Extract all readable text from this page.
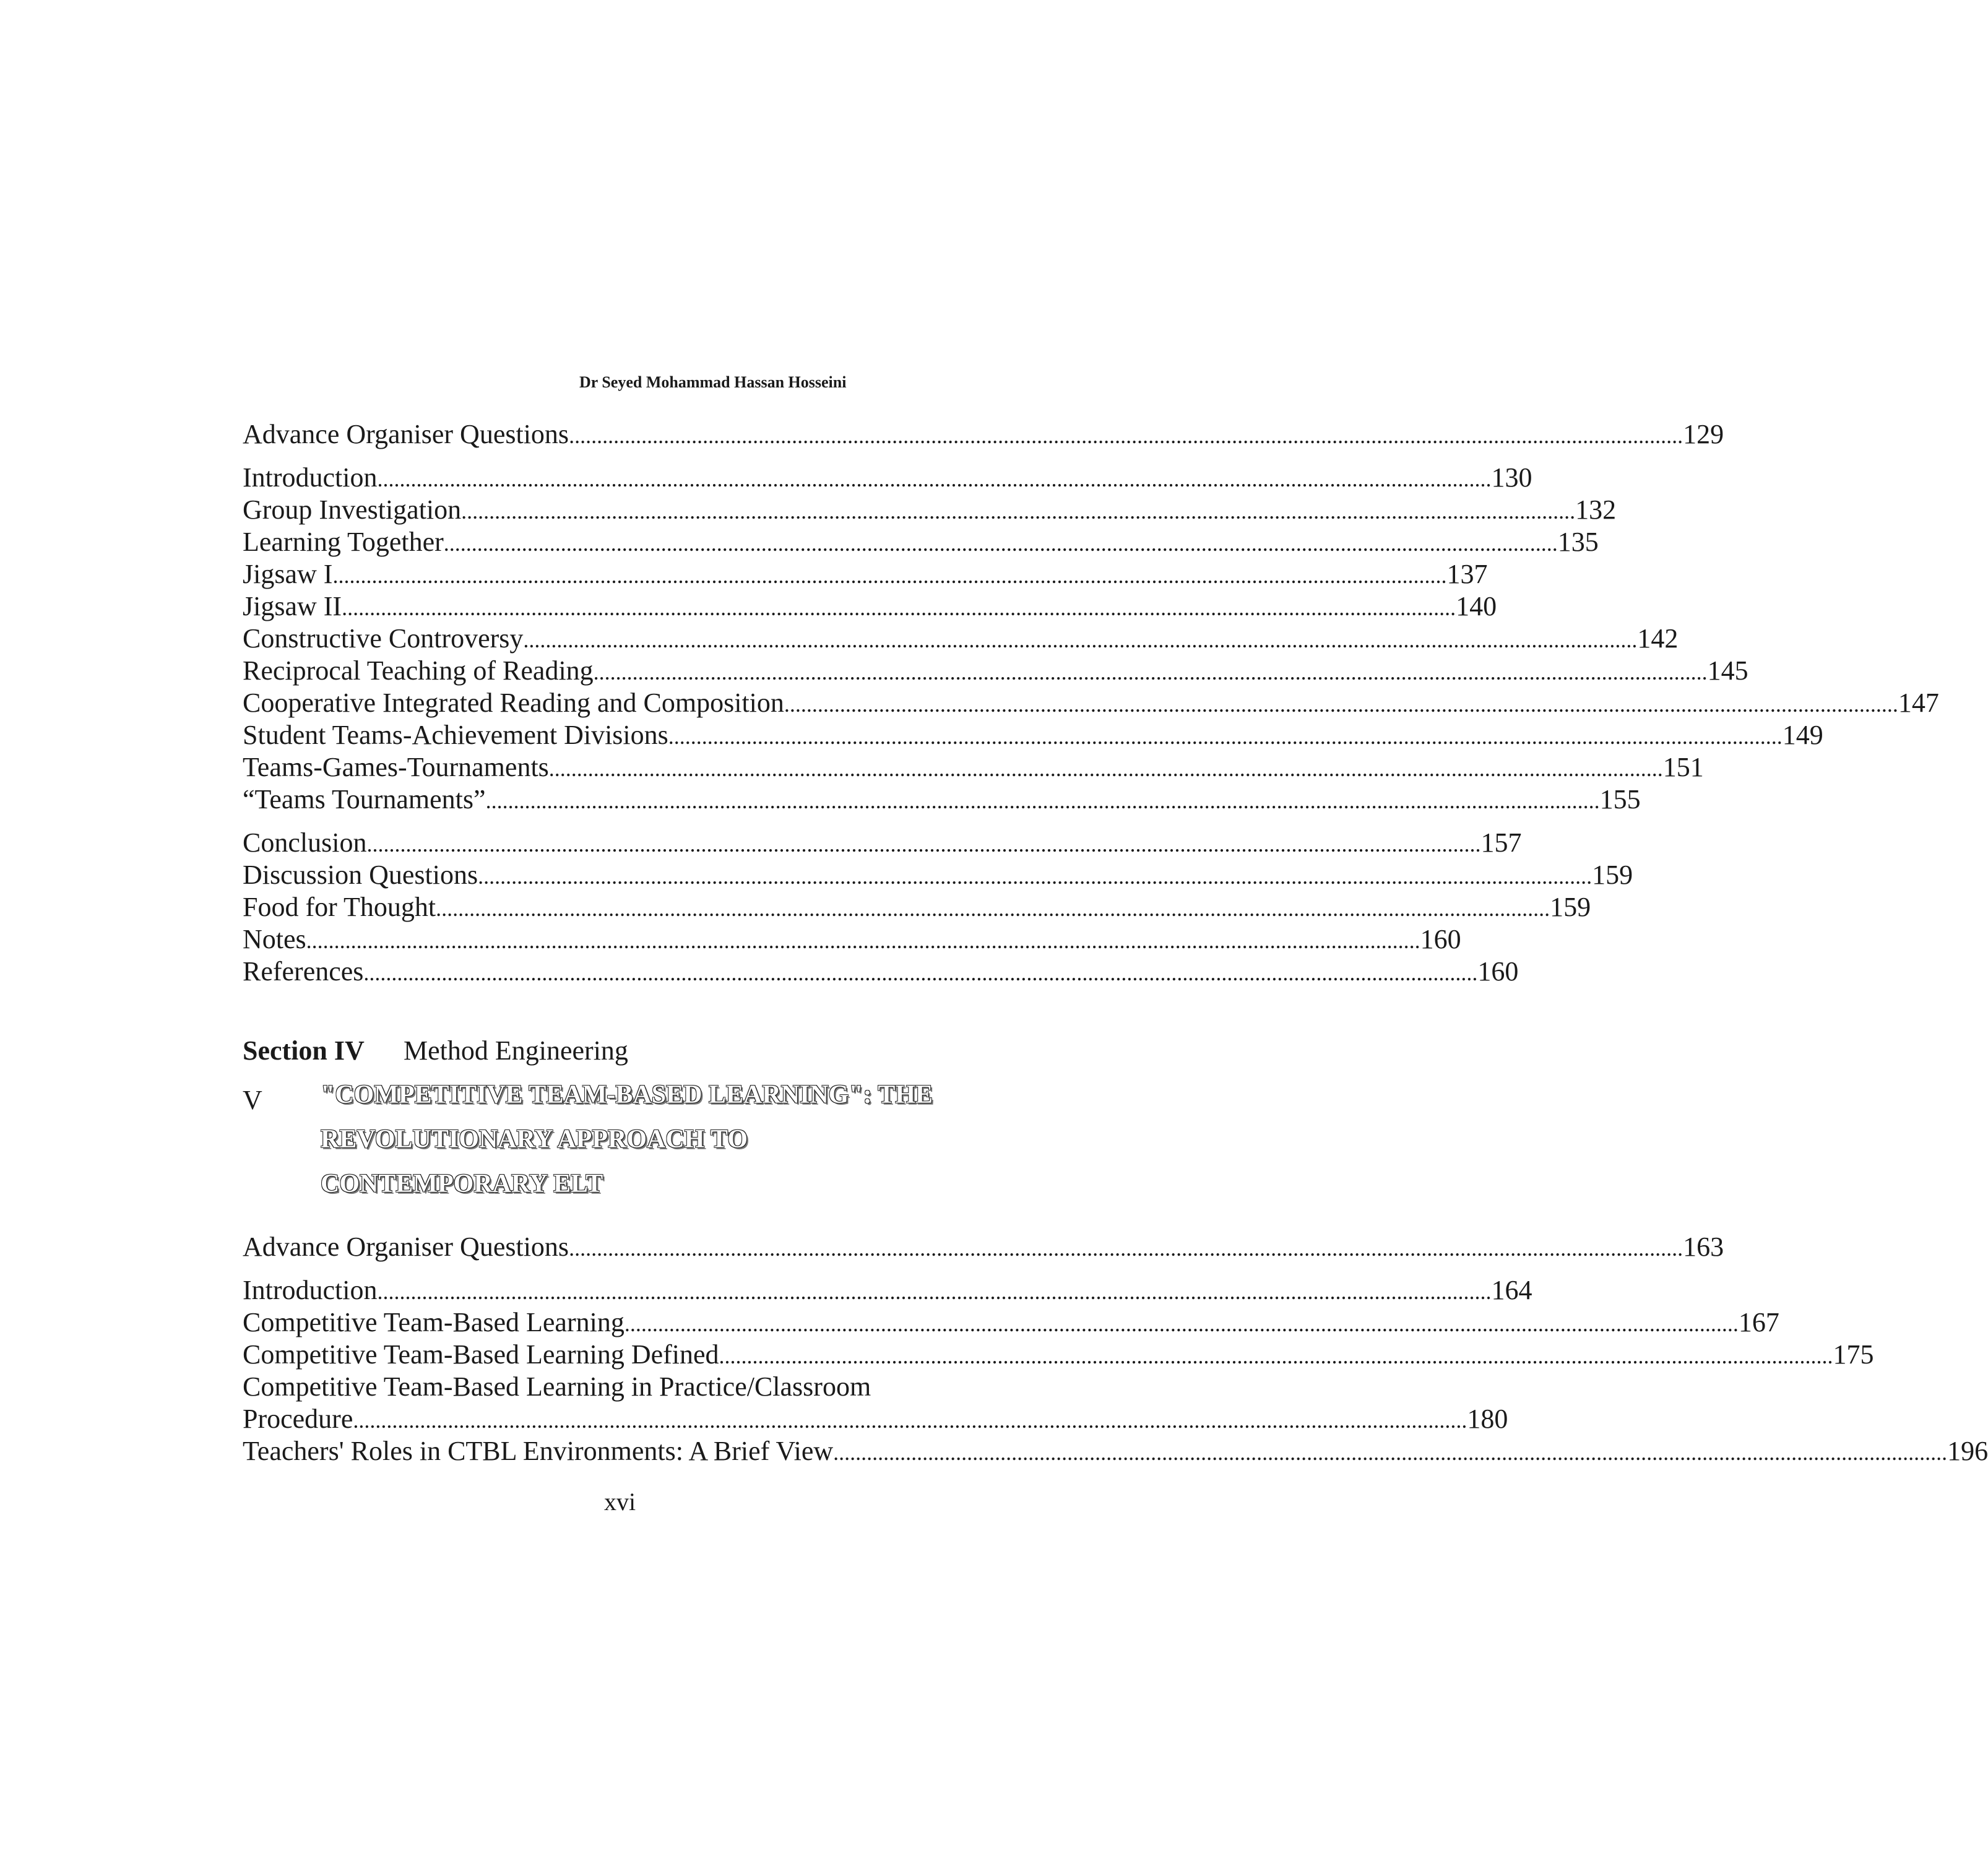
Dr Seyed Mohammad Hassan Hosseini
Advance Organiser Questions ........................................................................................................................................................................................................ 129
Introduction ........................................................................................................................................................................................................ 130
Group Investigation ........................................................................................................................................................................................................ 132
Learning Together ........................................................................................................................................................................................................ 135
Jigsaw I ........................................................................................................................................................................................................ 137
Jigsaw II ........................................................................................................................................................................................................ 140
Constructive Controversy ........................................................................................................................................................................................................ 142
Reciprocal Teaching of Reading ........................................................................................................................................................................................................ 145
Cooperative Integrated Reading and Composition ........................................................................................................................................................................................................ 147
Student Teams-Achievement Divisions ........................................................................................................................................................................................................ 149
Teams-Games-Tournaments ........................................................................................................................................................................................................ 151
“Teams Tournaments” ........................................................................................................................................................................................................ 155
Conclusion ........................................................................................................................................................................................................ 157
Discussion Questions ........................................................................................................................................................................................................ 159
Food for Thought ........................................................................................................................................................................................................ 159
Notes ........................................................................................................................................................................................................ 160
References ........................................................................................................................................................................................................ 160
Section IV Method Engineering
V "COMPETITIVE TEAM-BASED LEARNING": THE
REVOLUTIONARY APPROACH TO
CONTEMPORARY ELT
Advance Organiser Questions ........................................................................................................................................................................................................ 163
Introduction ........................................................................................................................................................................................................ 164
Competitive Team-Based Learning ........................................................................................................................................................................................................ 167
Competitive Team-Based Learning Defined ........................................................................................................................................................................................................ 175
Competitive Team-Based Learning in Practice/Classroom
Procedure ........................................................................................................................................................................................................ 180
Teachers' Roles in CTBL Environments: A Brief View ........................................................................................................................................................................................................ 196
xvi
